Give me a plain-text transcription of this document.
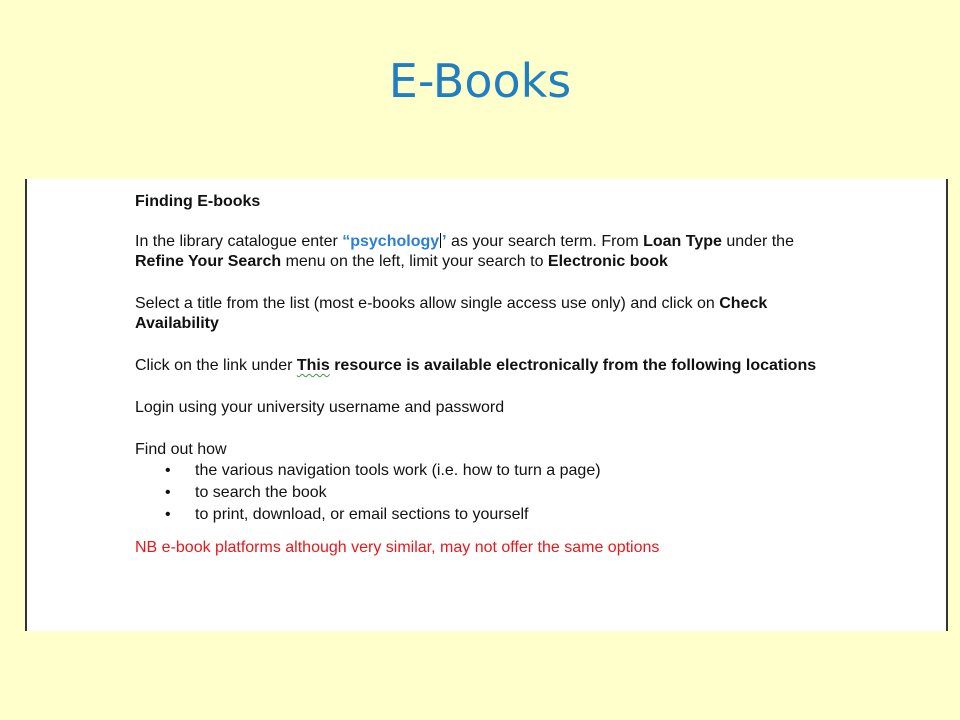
E-Books
Finding E-books
In the library catalogue enter “psychology ’ as your search term. From Loan Type under the Refine Your Search menu on the left, limit your search to Electronic book
Select a title from the list (most e-books allow single access use only) and click on Check Availability
Click on the link under This resource is available electronically from the following locations
Login using your university username and password
Find out how
• the various navigation tools work (i.e. how to turn a page)
• to search the book
• to print, download, or email sections to yourself
NB e-book platforms although very similar, may not offer the same options
